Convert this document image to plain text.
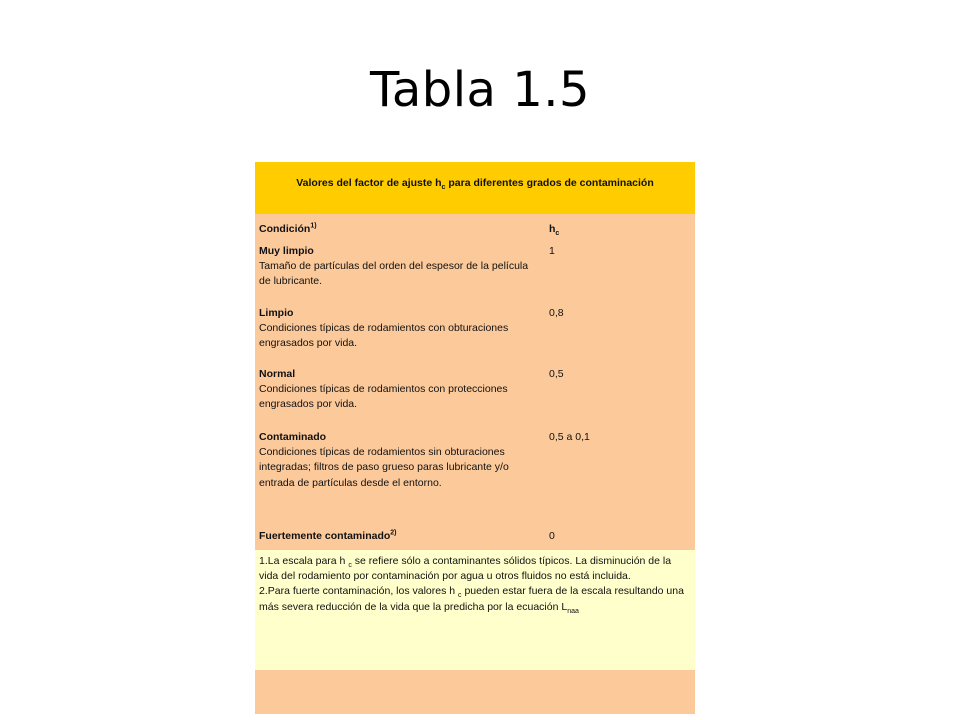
Tabla 1.5
Valores del factor de ajuste $h_c$ para diferentes grados de contaminación
Condición$^{1)}$	$h_c$
Muy limpio
Tamaño de partículas del orden del espesor de la película de lubricante.
1
Limpio
Condiciones típicas de rodamientos con obturaciones engrasados por vida.
0,8
Normal
Condiciones típicas de rodamientos con protecciones engrasados por vida.
0,5
Contaminado
Condiciones típicas de rodamientos sin obturaciones integradas; filtros de paso grueso paras lubricante y/o entrada de partículas desde el entorno.
0,5 a 0,1
Fuertemente contaminado$^{2)}$	0
1.La escala para h $_c$ se refiere sólo a contaminantes sólidos típicos. La disminución de la vida del rodamiento por contaminación por agua u otros fluidos no está incluida.
2.Para fuerte contaminación, los valores h $_c$ pueden estar fuera de la escala resultando una más severa reducción de la vida que la predicha por la ecuación $L_{naa}$
